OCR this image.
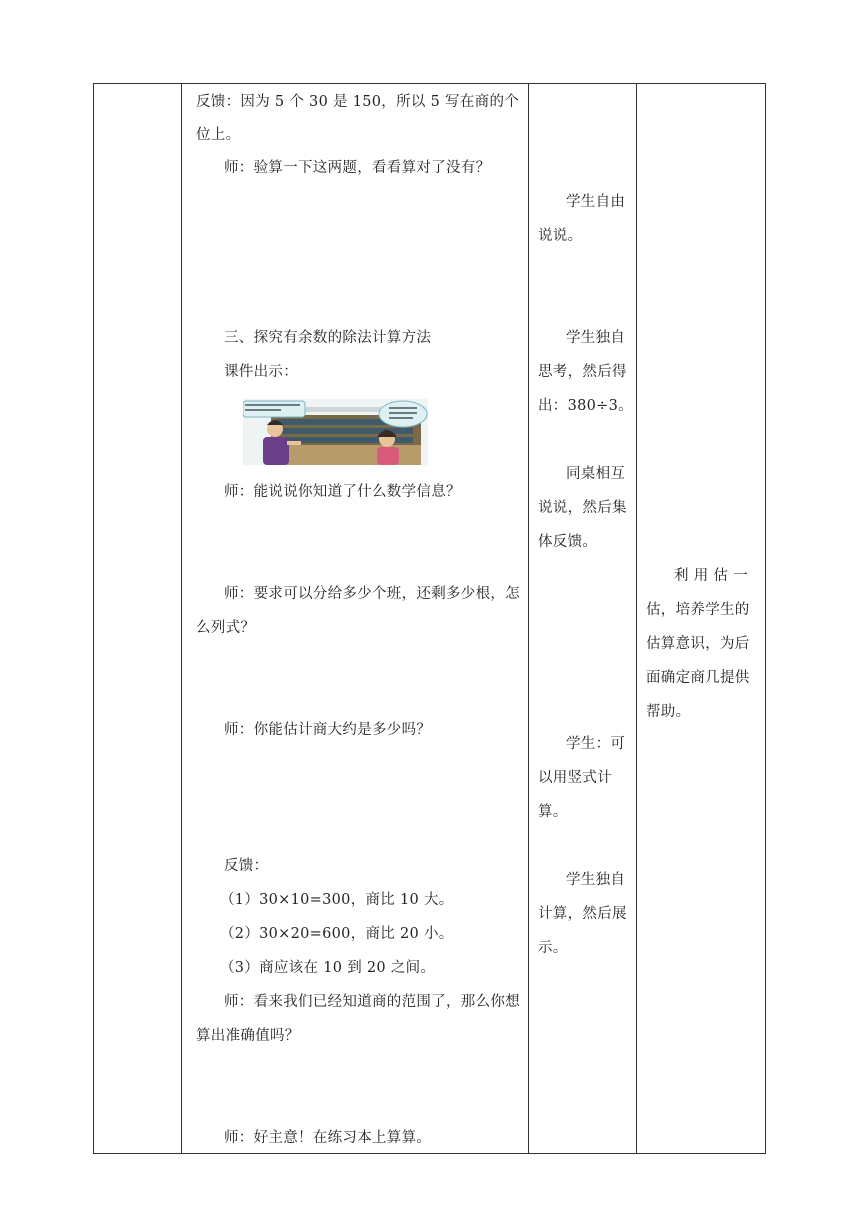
反馈：因为 5 个 30 是 150，所以 5 写在商的个
位上。
师：验算一下这两题，看看算对了没有？
三、探究有余数的除法计算方法
课件出示：
师：能说说你知道了什么数学信息？
师：要求可以分给多少个班，还剩多少根，怎
么列式？
师：你能估计商大约是多少吗？
反馈：
（1）30×10=300，商比 10 大。
（2）30×20=600，商比 20 小。
（3）商应该在 10 到 20 之间。
师：看来我们已经知道商的范围了，那么你想
算出准确值吗？
师：好主意！在练习本上算算。
学生自由
说说。
学生独自
思考，然后得
出：380÷3。
同桌相互
说说，然后集
体反馈。
学生：可
以用竖式计
算。
学生独自
计算，然后展
示。
利 用 估 一
估，培养学生的
估算意识，为后
面确定商几提供
帮助。
